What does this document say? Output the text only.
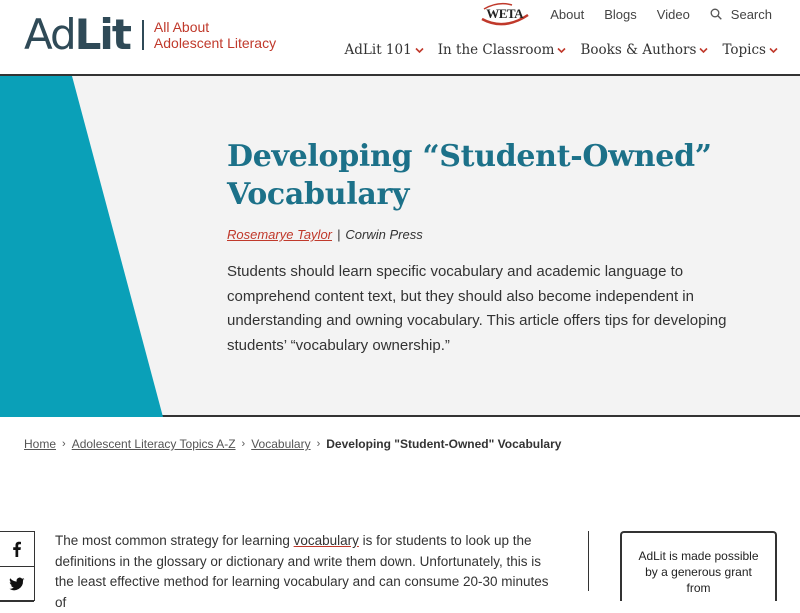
AdLit All About
Adolescent Literacy
WETA About Blogs Video	Search
AdLit 101 In the Classroom Books & Authors Topics
Developing “Student-Owned”
Vocabulary
Rosemarye Taylor | Corwin Press

Students should learn specific vocabulary and academic language to comprehend content text, but they should also become independent in understanding and owning vocabulary. This article offers tips for developing students’ “vocabulary ownership.”

Home › Adolescent Literacy Topics A-Z › Vocabulary › Developing "Student-Owned" Vocabulary

The most common strategy for learning vocabulary is for students to look up the definitions in the glossary or dictionary and write them down. Unfortunately, this is the least effective method for learning vocabulary and can consume 20-30 minutes of

AdLit is made possible
by a generous grant
from
